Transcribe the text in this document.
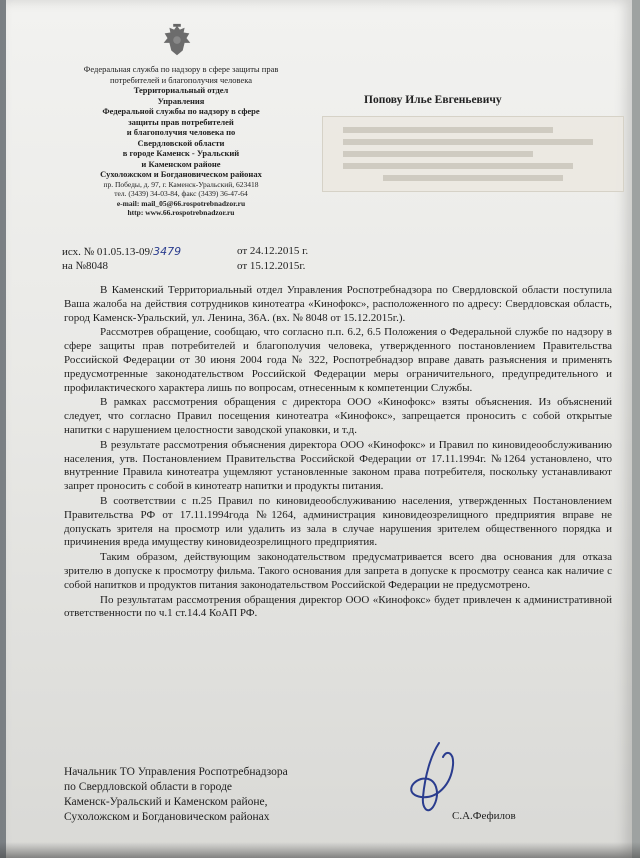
Федеральная служба по надзору в сфере защиты прав
потребителей и благополучия человека
Территориальный отдел
Управления
Федеральной службы по надзору в сфере
защиты прав потребителей
и благополучия человека по
Свердловской области
в городе Каменск - Уральский
и Каменском районе
Сухоложском и Богдановическом районах
пр. Победы, д. 97, г. Каменск-Уральский, 623418
тел. (3439) 34-03-84, факс (3439) 36-47-64
e-mail: mail_05@66.rospotrebnadzor.ru
http: www.66.rospotrebnadzor.ru
Попову Илье Евгеньевичу
исх. № 01.05.13-09/3479	от 24.12.2015 г.
на №8048	от 15.12.2015г.

В Каменский Территориальный отдел Управления Роспотребнадзора по Свердловской области поступила Ваша жалоба на действия сотрудников кинотеатра «Кинофокс», расположенного по адресу: Свердловская область, город Каменск-Уральский, ул. Ленина, 36А. (вх. № 8048 от 15.12.2015г.).

Рассмотрев обращение, сообщаю, что согласно п.п. 6.2, 6.5 Положения о Федеральной службе по надзору в сфере защиты прав потребителей и благополучия человека, утвержденного постановлением Правительства Российской Федерации от 30 июня 2004 года № 322, Роспотребнадзор вправе давать разъяснения и применять предусмотренные законодательством Российской Федерации меры ограничительного, предупредительного и профилактического характера лишь по вопросам, отнесенным к компетенции Службы.

В рамках рассмотрения обращения с директора ООО «Кинофокс» взяты объяснения. Из объяснений следует, что согласно Правил посещения кинотеатра «Кинофокс», запрещается проносить с собой открытые напитки с нарушением целостности заводской упаковки, и т.д.

В результате рассмотрения объяснения директора ООО «Кинофокс» и Правил по киновидеообслуживанию населения, утв. Постановлением Правительства Российской Федерации от 17.11.1994г. №1264 установлено, что внутренние Правила кинотеатра ущемляют установленные законом права потребителя, поскольку устанавливают запрет проносить с собой в кинотеатр напитки и продукты питания.

В соответствии с п.25 Правил по киновидеообслуживанию населения, утвержденных Постановлением Правительства РФ от 17.11.1994года №1264, администрация киновидеозрелищного предприятия вправе не допускать зрителя на просмотр или удалить из зала в случае нарушения зрителем общественного порядка и причинения вреда имуществу киновидеозрелищного предприятия.

Таким образом, действующим законодательством предусматривается всего два основания для отказа зрителю в допуске к просмотру фильма. Такого основания для запрета в допуске к просмотру сеанса как наличие с собой напитков и продуктов питания законодательством Российской Федерации не предусмотрено.

По результатам рассмотрения обращения директор ООО «Кинофокс» будет привлечен к административной ответственности по ч.1 ст.14.4 КоАП РФ.

Начальник ТО Управления Роспотребнадзора
по Свердловской области в городе
Каменск-Уральский и Каменском районе,
Сухоложском и Богдановическом районах	С.А.Фефилов
